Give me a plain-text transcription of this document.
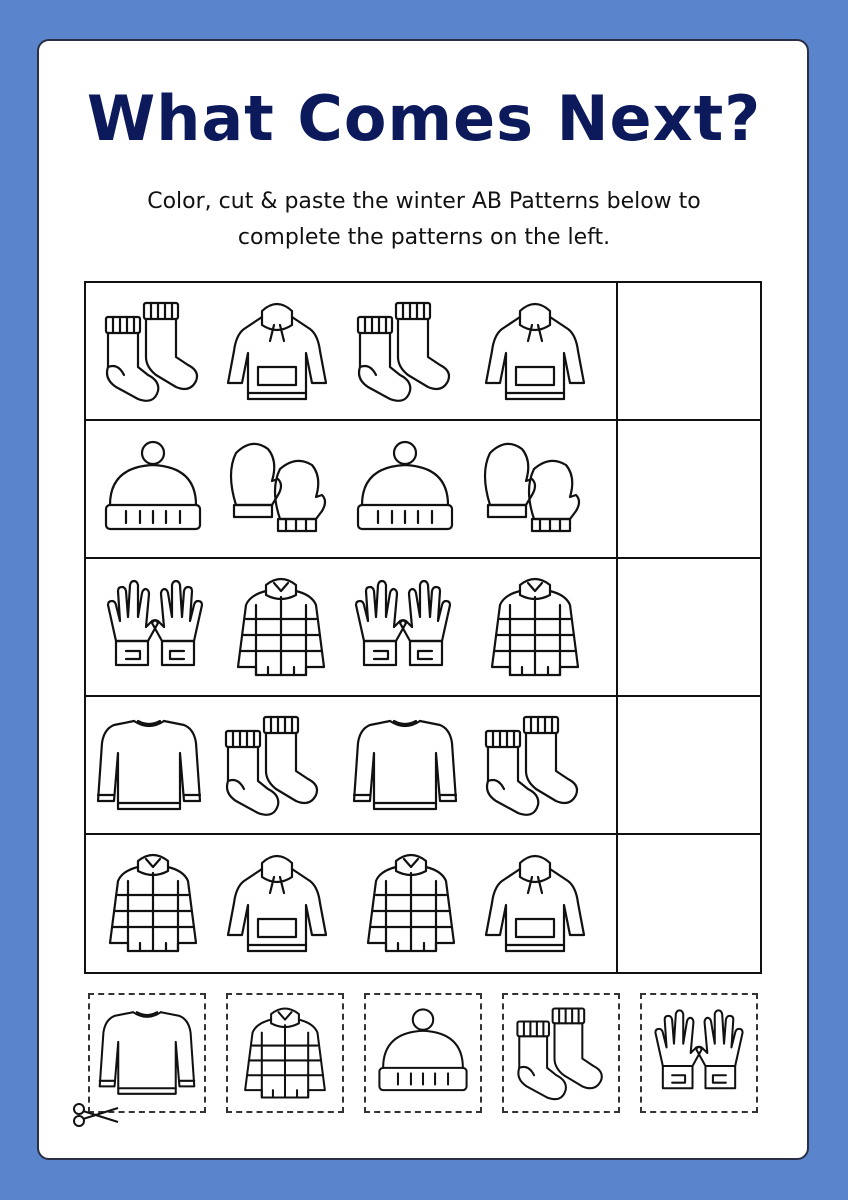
What Comes Next?

Color, cut & paste the winter AB Patterns below to
complete the patterns on the left.
